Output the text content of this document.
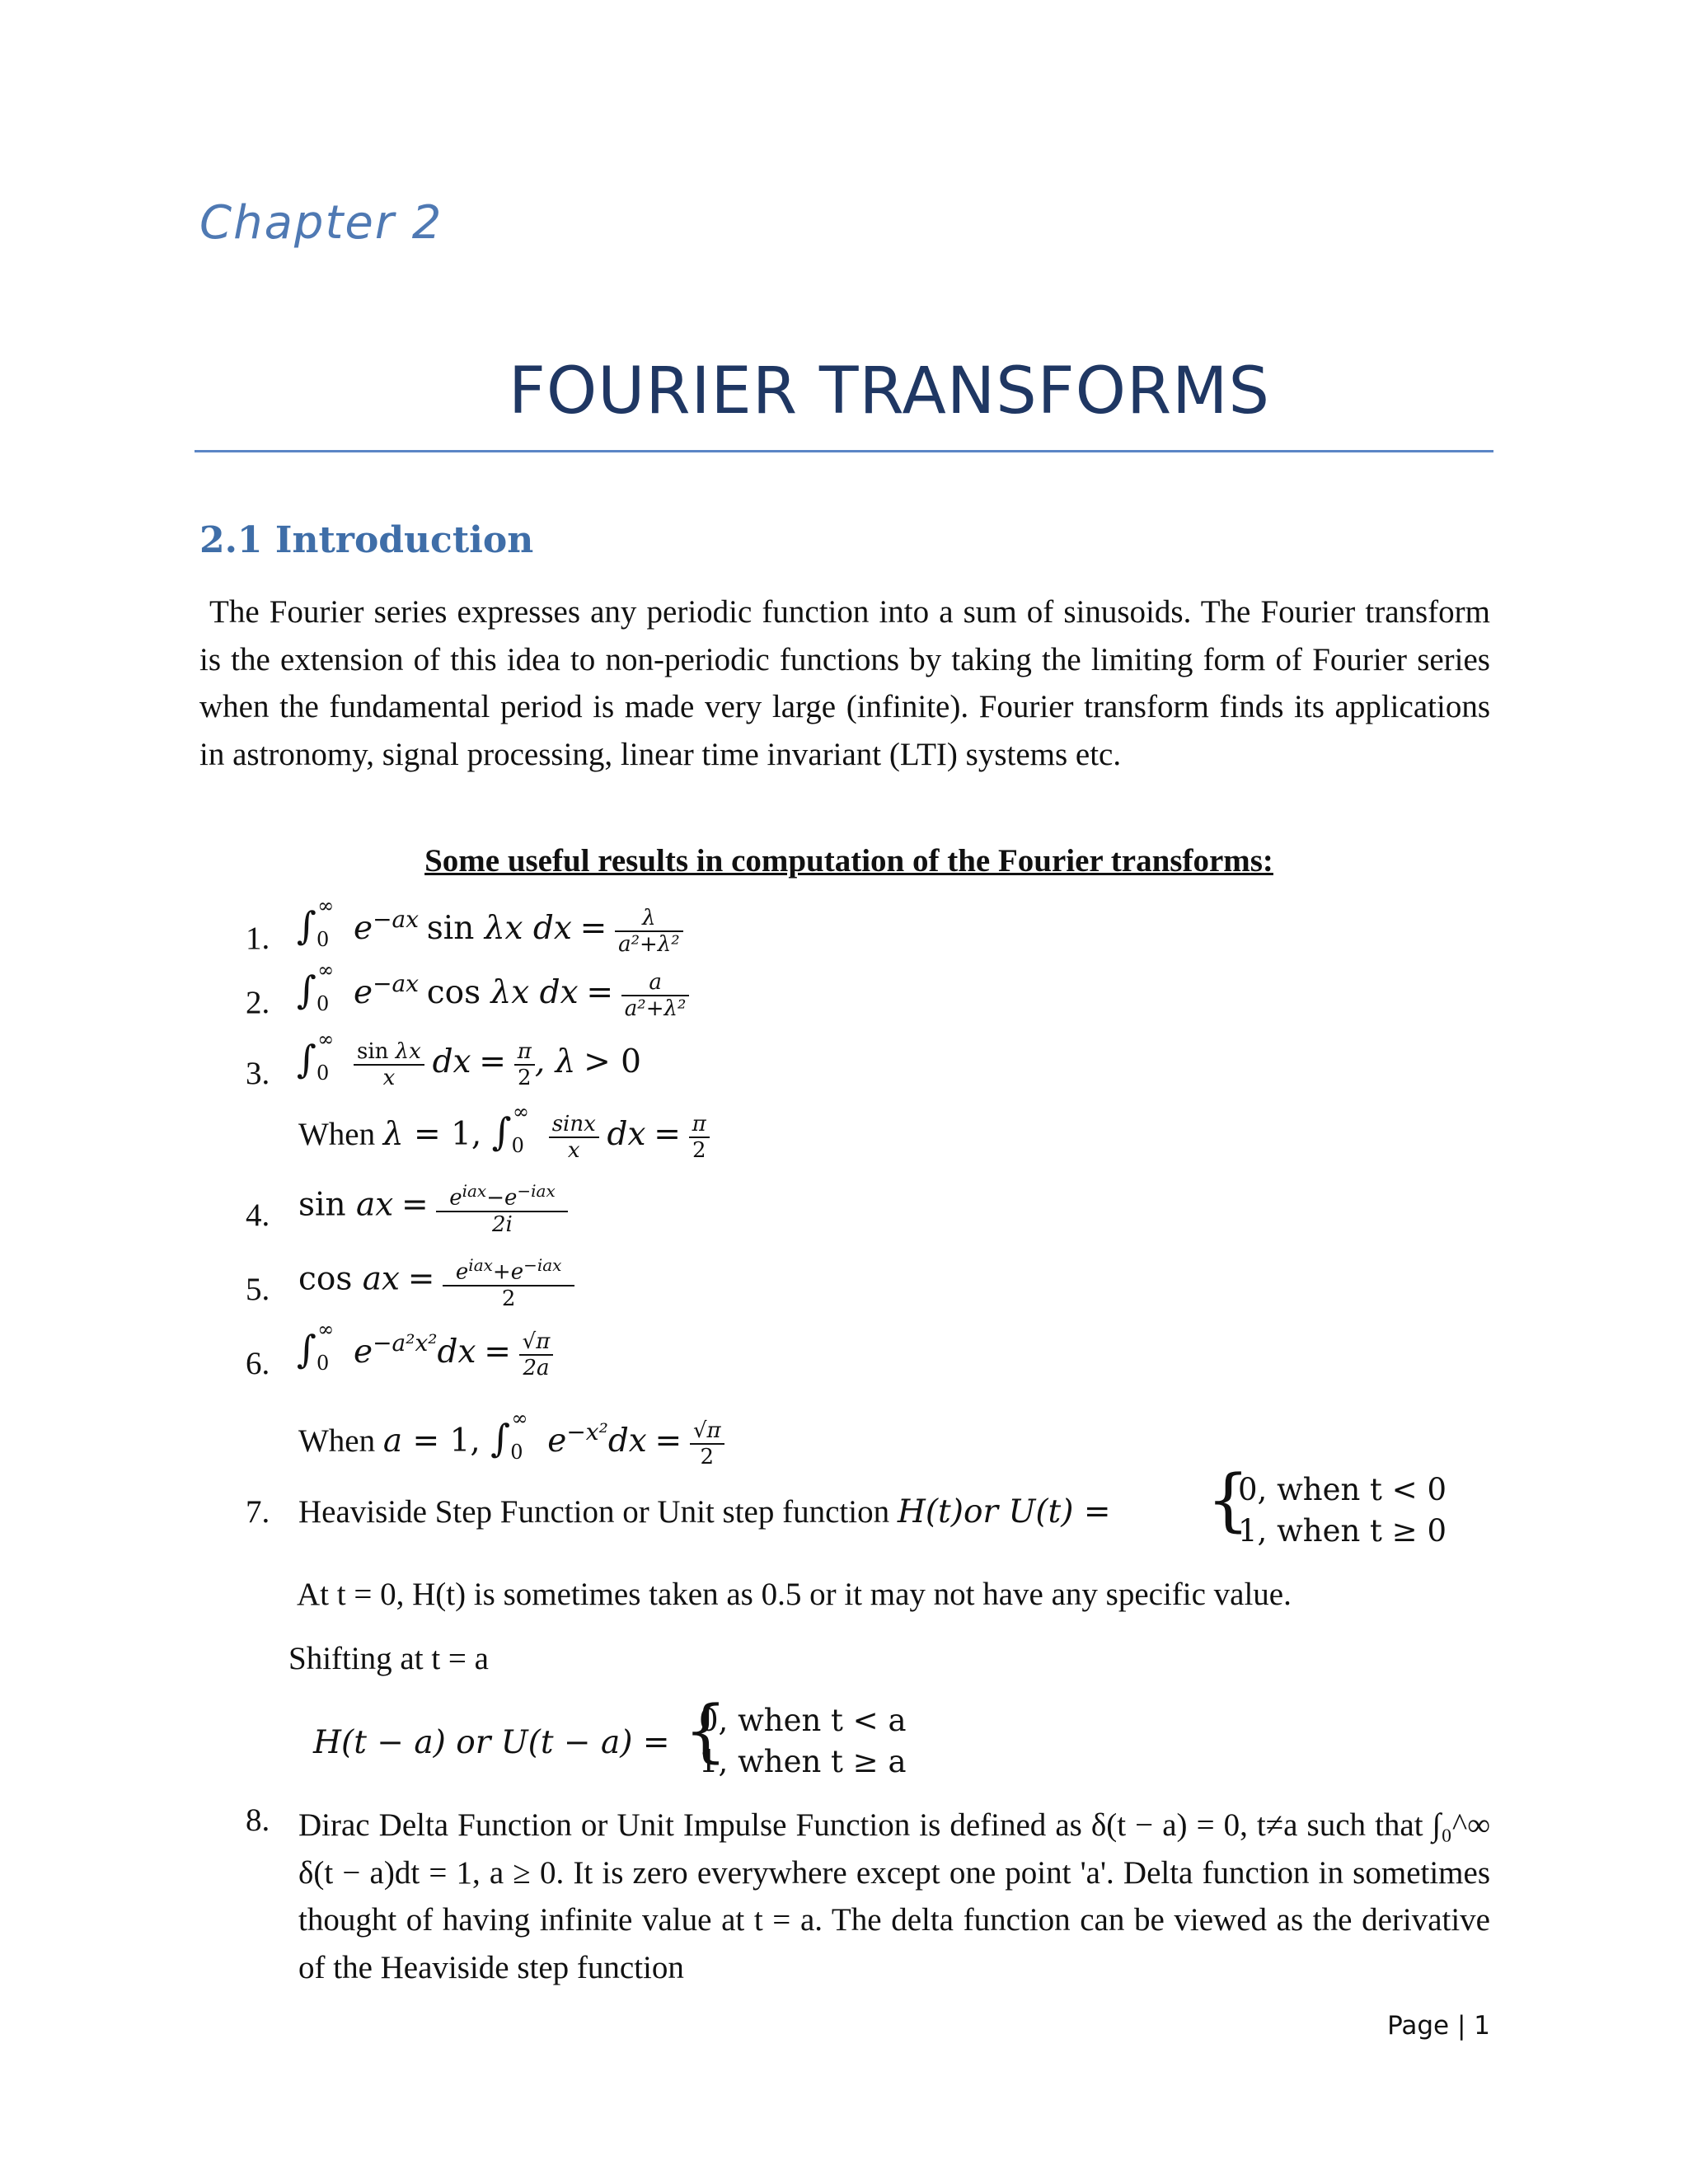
Chapter 2
FOURIER TRANSFORMS
2.1 Introduction
The Fourier series expresses any periodic function into a sum of sinusoids. The Fourier transform is the extension of this idea to non-periodic functions by taking the limiting form of Fourier series when the fundamental period is made very large (infinite). Fourier transform finds its applications in astronomy, signal processing, linear time invariant (LTI) systems etc.
Some useful results in computation of the Fourier transforms:
1. $\int_0^\infty$ $e^{-ax}$ sin λx dx = $\frac{\lambda}{\text{a²+λ²}}$
2. $\int_0^\infty$ $e^{-ax}$ cos λx dx = $\frac{a}{\text{a²+λ²}}$
3. $\int_0^\infty$
$\frac{\text{sin λx}}{x}$ dx = $\frac{\pi}{2}$ , λ > 0
When λ = 1, $\int_0^\infty$
$\frac{\sin x}{x}$ dx = $\frac{\pi}{2}$
4. sin ax = $\frac{e^{iax}-e^{-iax}}{2i}$
5. cos ax = $\frac{e^{iax}+e^{-iax}}{2}$
6. $\int_0^\infty$ $e^{-a^2x^2}dx = \frac{√\pi}{2a}$
When a = 1, $\int_0^\infty$ $e^{-x^2}dx = \frac{√\pi}{2}$
7. Heaviside Step Function or Unit step function H(t)or U(t) = {
0, when t < 0
1, when t ≥ 0
At t = 0, H(t) is sometimes taken as 0.5 or it may not have any specific value.
Shifting at t = a
H(t − a) or U(t − a) = {
0, when t < a
1, when t ≥ a
8. Dirac Delta Function or Unit Impulse Function is defined as δ(t − a) = 0, t≠a such that ∫₀^∞ δ(t − a)dt = 1, a ≥ 0. It is zero everywhere except one point 'a'. Delta function in sometimes thought of having infinite value at t = a. The delta function can be viewed as the derivative of the Heaviside step function
Page | 1
